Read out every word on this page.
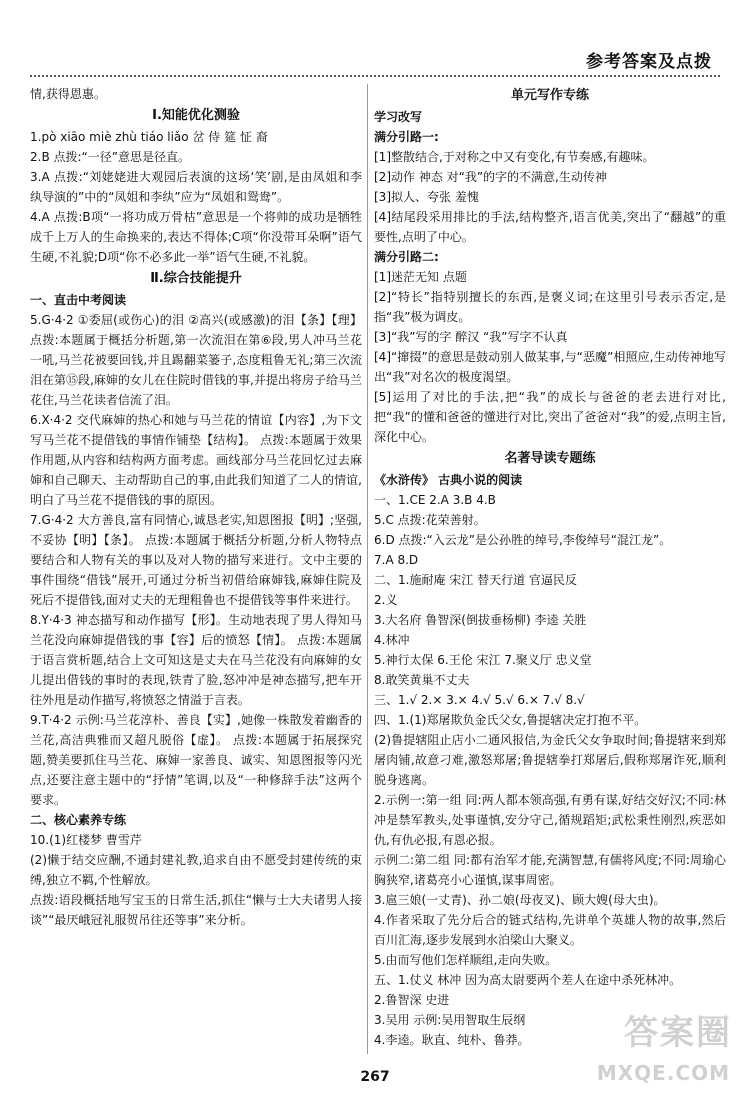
参考答案及点拨
情,获得恩惠。
Ⅰ.知能优化测验
1.pò xiāo miè zhù tiáo liǎo 岔 侍 筵 怔 裔
2.B 点拨:“一径”意思是径直。
3.A 点拨:“刘姥姥进大观园后表演的这场‘笑’剧,是由凤姐和李纨导演的”中的“凤姐和李纨”应为“凤姐和鸳鸯”。
4.A 点拨:B项“一将功成万骨枯”意思是一个将帅的成功是牺牲成千上万人的生命换来的,表达不得体;C项“你没带耳朵啊”语气生硬,不礼貌;D项“你不必多此一举”语气生硬,不礼貌。
Ⅱ.综合技能提升
一、直击中考阅读
5.G·4·2 ①委屈(或伤心)的泪 ②高兴(或感激)的泪【条】【理】 点拨:本题属于概括分析题,第一次流泪在第⑥段,男人冲马兰花一吼,马兰花被要回钱,并且踢翻菜篓子,态度粗鲁无礼;第三次流泪在第⑮段,麻婶的女儿在住院时借钱的事,并提出将房子给马兰花住,马兰花读者信流了泪。
6.X·4·2 交代麻婶的热心和她与马兰花的情谊【内容】,为下文写马兰花不提借钱的事情作铺垫【结构】。 点拨:本题属于效果作用题,从内容和结构两方面考虑。画线部分马兰花回忆过去麻婶和自己聊天、主动帮助自己的事,由此我们知道了二人的情谊,明白了马兰花不提借钱的事的原因。
7.G·4·2 大方善良,富有同情心,诚恳老实,知恩图报【明】;坚强,不妥协【明】【条】。 点拨:本题属于概括分析题,分析人物特点要结合和人物有关的事以及对人物的描写来进行。文中主要的事件围绕“借钱”展开,可通过分析当初借给麻婶钱,麻婶住院及死后不提借钱,面对丈夫的无理粗鲁也不提借钱等事件来进行。
8.Y·4·3 神态描写和动作描写【形】。生动地表现了男人得知马兰花没向麻婶提借钱的事【容】后的愤怒【情】。 点拨:本题属于语言赏析题,结合上文可知这是丈夫在马兰花没有向麻婶的女儿提出借钱的事时的表现,铁青了脸,怒冲冲是神态描写,把车开往外甩是动作描写,将愤怒之情溢于言表。
9.T·4·2 示例:马兰花淳朴、善良【实】,她像一株散发着幽香的兰花,高洁典雅而又超凡脱俗【虚】。 点拨:本题属于拓展探究题,赞美要抓住马兰花、麻婶一家善良、诚实、知恩图报等闪光点,还要注意主题中的“抒情”笔调,以及“一种修辞手法”这两个要求。
二、核心素养专练
10.(1)红楼梦 曹雪芹
(2)懒于结交应酬,不通封建礼教,追求自由不愿受封建传统的束缚,独立不羁,个性解放。
点拨:语段概括地写宝玉的日常生活,抓住“懒与士大夫诸男人接谈”“最厌峨冠礼服贺吊往还等事”来分析。
单元写作专练
学习改写
满分引路一:
[1]整散结合,于对称之中又有变化,有节奏感,有趣味。
[2]动作 神态 对“我”的字的不满意,生动传神
[3]拟人、夸张 羞愧
[4]结尾段采用排比的手法,结构整齐,语言优美,突出了“翻越”的重要性,点明了中心。
满分引路二:
[1]迷茫无知 点题
[2]“特长”指特别擅长的东西,是褒义词;在这里引号表示否定,是指“我”极为调皮。
[3]“我”写的字 醉汉 “我”写字不认真
[4]“撺掇”的意思是鼓动别人做某事,与“恶魔”相照应,生动传神地写出“我”对名次的极度渴望。
[5]运用了对比的手法,把“我”的成长与爸爸的老去进行对比,把“我”的懂和爸爸的懂进行对比,突出了爸爸对“我”的爱,点明主旨,深化中心。
名著导读专题练
《水浒传》 古典小说的阅读
一、1.CE 2.A 3.B 4.B
5.C 点拨:花荣善射。
6.D 点拨:“入云龙”是公孙胜的绰号,李俊绰号“混江龙”。
7.A 8.D
二、1.施耐庵 宋江 替天行道 官逼民反
2.义
3.大名府 鲁智深(倒拔垂杨柳) 李逵 关胜
4.林冲
5.神行太保 6.王伦 宋江 7.聚义厅 忠义堂
8.敢笑黄巢不丈夫
三、1.√ 2.× 3.× 4.√ 5.√ 6.× 7.√ 8.√
四、1.(1)郑屠欺负金氏父女,鲁提辖决定打抱不平。
(2)鲁提辖阻止店小二通风报信,为金氏父女争取时间;鲁提辖来到郑屠肉铺,故意刁难,激怒郑屠;鲁提辖拳打郑屠后,假称郑屠诈死,顺利脱身逃离。
2.示例一:第一组 同:两人都本领高强,有勇有谋,好结交好汉;不同:林冲是禁军教头,处事谨慎,安分守己,循规蹈矩;武松秉性刚烈,疾恶如仇,有仇必报,有恩必报。
示例二:第二组 同:都有治军才能,充满智慧,有儒将风度;不同:周瑜心胸狭窄,诸葛亮小心谨慎,谋事周密。
3.扈三娘(一丈青)、孙二娘(母夜叉)、顾大嫂(母大虫)。
4.作者采取了先分后合的链式结构,先讲单个英雄人物的故事,然后百川汇海,逐步发展到水泊梁山大聚义。
5.由而写他们怎样顺组,走向失败。
五、1.仗义 林冲 因为高太尉要两个差人在途中杀死林冲。
2.鲁智深 史进
3.吴用 示例:吴用智取生辰纲
4.李逵。耿直、纯朴、鲁莽。
267
答案圈
MXQE.COM
